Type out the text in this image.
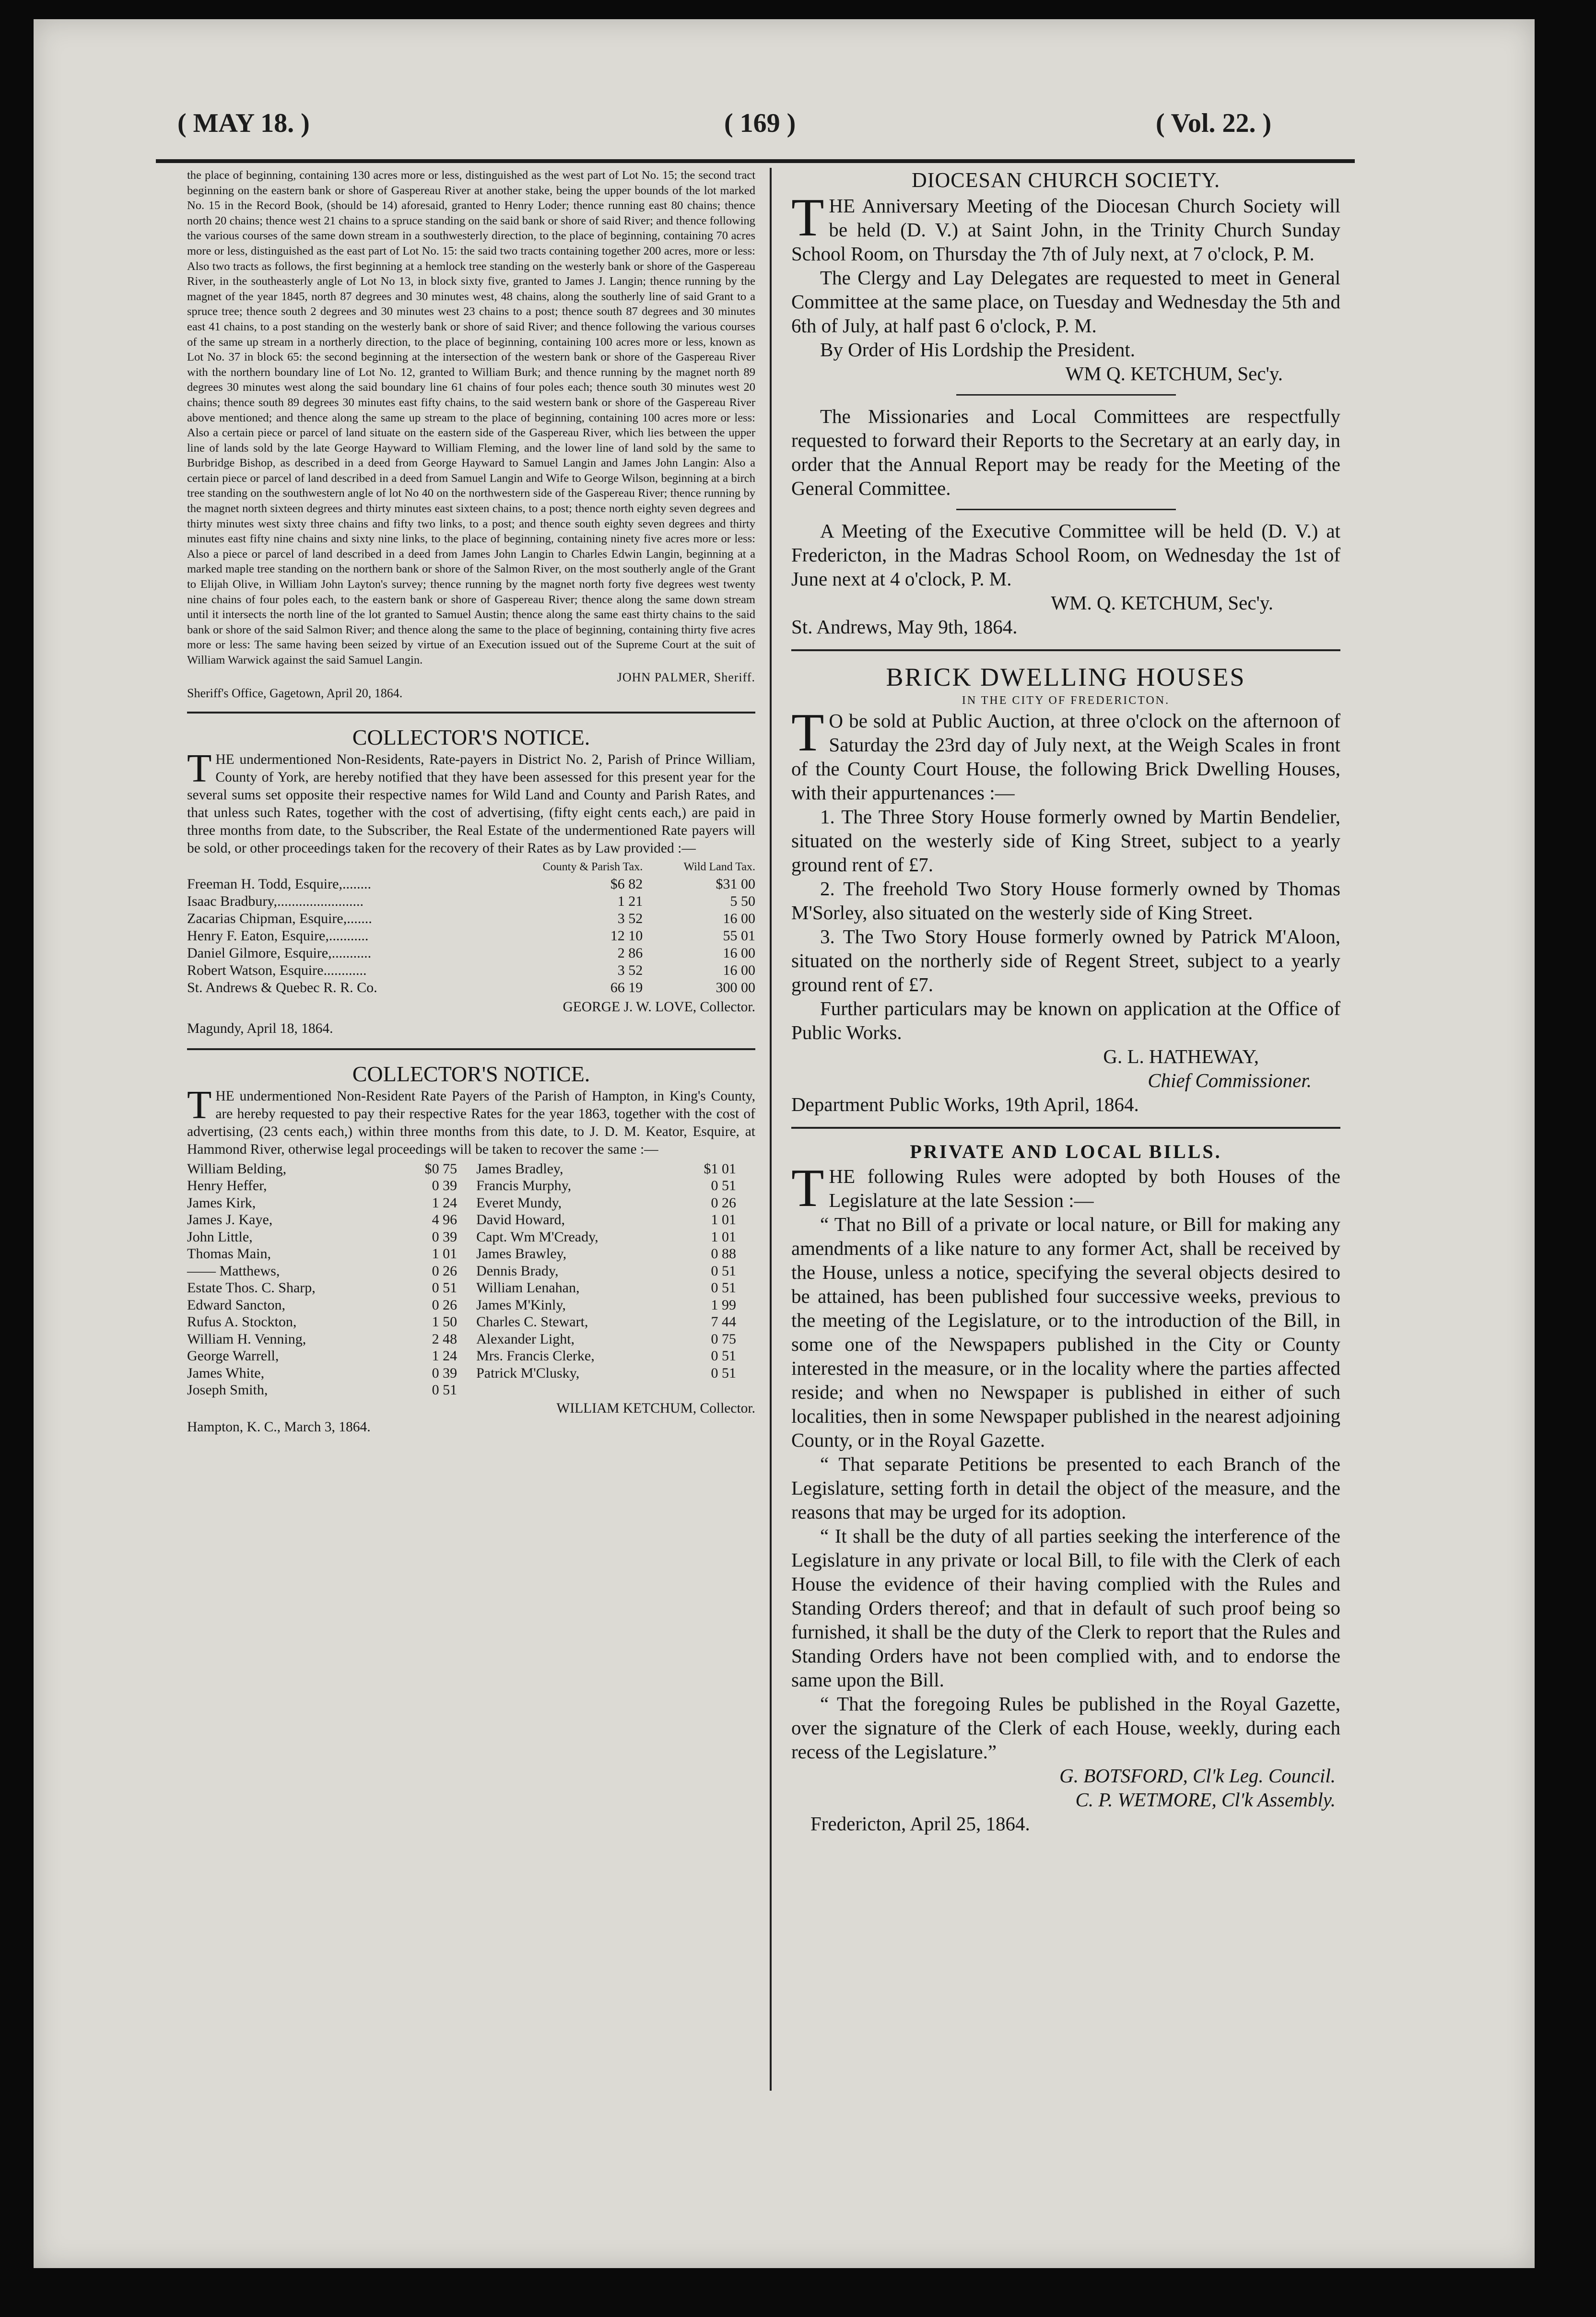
( MAY 18. )	( 169 )	( Vol. 22. )

the place of beginning, containing 130 acres more or less, distinguished as the west part of Lot No. 15; the second tract beginning on the eastern bank or shore of Gaspereau River at another stake, being the upper bounds of the lot marked No. 15 in the Record Book, (should be 14) aforesaid, granted to Henry Loder; thence running east 80 chains; thence north 20 chains; thence west 21 chains to a spruce standing on the said bank or shore of said River; and thence following the various courses of the same down stream in a southwesterly direction, to the place of beginning, containing 70 acres more or less, distinguished as the east part of Lot No. 15: the said two tracts containing together 200 acres, more or less: Also two tracts as follows, the first beginning at a hemlock tree standing on the westerly bank or shore of the Gaspereau River, in the southeasterly angle of Lot No 13, in block sixty five, granted to James J. Langin; thence running by the magnet of the year 1845, north 87 degrees and 30 minutes west, 48 chains, along the southerly line of said Grant to a spruce tree; thence south 2 degrees and 30 minutes west 23 chains to a post; thence south 87 degrees and 30 minutes east 41 chains, to a post standing on the westerly bank or shore of said River; and thence following the various courses of the same up stream in a northerly direction, to the place of beginning, containing 100 acres more or less, known as Lot No. 37 in block 65: the second beginning at the intersection of the western bank or shore of the Gaspereau River with the northern boundary line of Lot No. 12, granted to William Burk; and thence running by the magnet north 89 degrees 30 minutes west along the said boundary line 61 chains of four poles each; thence south 30 minutes west 20 chains; thence south 89 degrees 30 minutes east fifty chains, to the said western bank or shore of the Gaspereau River above mentioned; and thence along the same up stream to the place of beginning, containing 100 acres more or less: Also a certain piece or parcel of land situate on the eastern side of the Gaspereau River, which lies between the upper line of lands sold by the late George Hayward to William Fleming, and the lower line of land sold by the same to Burbridge Bishop, as described in a deed from George Hayward to Samuel Langin and James John Langin: Also a certain piece or parcel of land described in a deed from Samuel Langin and Wife to George Wilson, beginning at a birch tree standing on the southwestern angle of lot No 40 on the northwestern side of the Gaspereau River; thence running by the magnet north sixteen degrees and thirty minutes east sixteen chains, to a post; thence north eighty seven degrees and thirty minutes west sixty three chains and fifty two links, to a post; and thence south eighty seven degrees and thirty minutes east fifty nine chains and sixty nine links, to the place of beginning, containing ninety five acres more or less: Also a piece or parcel of land described in a deed from James John Langin to Charles Edwin Langin, beginning at a marked maple tree standing on the northern bank or shore of the Salmon River, on the most southerly angle of the Grant to Elijah Olive, in William John Layton's survey; thence running by the magnet north forty five degrees west twenty nine chains of four poles each, to the eastern bank or shore of Gaspereau River; thence along the same down stream until it intersects the north line of the lot granted to Samuel Austin; thence along the same east thirty chains to the said bank or shore of the said Salmon River; and thence along the same to the place of beginning, containing thirty five acres more or less: The same having been seized by virtue of an Execution issued out of the Supreme Court at the suit of William Warwick against the said Samuel Langin.

JOHN PALMER, Sheriff.
Sheriff's Office, Gagetown, April 20, 1864.

COLLECTOR'S NOTICE.

T HE undermentioned Non-Residents, Rate-payers in District No. 2, Parish of Prince William, County of York, are hereby notified that they have been assessed for this present year for the several sums set opposite their respective names for Wild Land and County and Parish Rates, and that unless such Rates, together with the cost of advertising, (fifty eight cents each,) are paid in three months from date, to the Subscriber, the Real Estate of the undermentioned Rate payers will be sold, or other proceedings taken for the recovery of their Rates as by Law provided :—

	County & Parish Tax.	Wild Land Tax.
Freeman H. Todd, Esquire,........	$6 82	$31 00
Isaac Bradbury,........................	1 21	5 50
Zacarias Chipman, Esquire,.......	3 52	16 00
Henry F. Eaton, Esquire,...........	12 10	55 01
Daniel Gilmore, Esquire,...........	2 86	16 00
Robert Watson, Esquire............	3 52	16 00
St. Andrews & Quebec R. R. Co.	66 19	300 00

GEORGE J. W. LOVE, Collector.

Magundy, April 18, 1864.

COLLECTOR'S NOTICE.

T HE undermentioned Non-Resident Rate Payers of the Parish of Hampton, in King's County, are hereby requested to pay their respective Rates for the year 1863, together with the cost of advertising, (23 cents each,) within three months from this date, to J. D. M. Keator, Esquire, at Hammond River, otherwise legal proceedings will be taken to recover the same :—

William Belding,	$0 75	James Bradley,	$1 01
Henry Heffer,	0 39	Francis Murphy,	0 51
James Kirk,	1 24	Everet Mundy,	0 26
James J. Kaye,	4 96	David Howard,	1 01
John Little,	0 39	Capt. Wm M'Cready,	1 01
Thomas Main,	1 01	James Brawley,	0 88
—— Matthews,	0 26	Dennis Brady,	0 51
Estate Thos. C. Sharp,	0 51	William Lenahan,	0 51
Edward Sancton,	0 26	James M'Kinly,	1 99
Rufus A. Stockton,	1 50	Charles C. Stewart,	7 44
William H. Venning,	2 48	Alexander Light,	0 75
George Warrell,	1 24	Mrs. Francis Clerke,	0 51
James White,	0 39	Patrick M'Clusky,	0 51
Joseph Smith,	0 51		

WILLIAM KETCHUM, Collector.

Hampton, K. C., March 3, 1864.

DIOCESAN CHURCH SOCIETY.

T HE Anniversary Meeting of the Diocesan Church Society will be held (D. V.) at Saint John, in the Trinity Church Sunday School Room, on Thursday the 7th of July next, at 7 o'clock, P. M.

The Clergy and Lay Delegates are requested to meet in General Committee at the same place, on Tuesday and Wednesday the 5th and 6th of July, at half past 6 o'clock, P. M.

By Order of His Lordship the President.

WM Q. KETCHUM, Sec'y.

The Missionaries and Local Committees are respectfully requested to forward their Reports to the Secretary at an early day, in order that the Annual Report may be ready for the Meeting of the General Committee.

A Meeting of the Executive Committee will be held (D. V.) at Fredericton, in the Madras School Room, on Wednesday the 1st of June next at 4 o'clock, P. M.

WM. Q. KETCHUM, Sec'y.

St. Andrews, May 9th, 1864.

BRICK DWELLING HOUSES

IN THE CITY OF FREDERICTON.

T O be sold at Public Auction, at three o'clock on the afternoon of Saturday the 23rd day of July next, at the Weigh Scales in front of the County Court House, the following Brick Dwelling Houses, with their appurtenances :—

1. The Three Story House formerly owned by Martin Bendelier, situated on the westerly side of King Street, subject to a yearly ground rent of £7.

2. The freehold Two Story House formerly owned by Thomas M'Sorley, also situated on the westerly side of King Street.

3. The Two Story House formerly owned by Patrick M'Aloon, situated on the northerly side of Regent Street, subject to a yearly ground rent of £7.

Further particulars may be known on application at the Office of Public Works.

G. L. HATHEWAY,

Chief Commissioner.

Department Public Works, 19th April, 1864.

PRIVATE AND LOCAL BILLS.

T HE following Rules were adopted by both Houses of the Legislature at the late Session :—

“ That no Bill of a private or local nature, or Bill for making any amendments of a like nature to any former Act, shall be received by the House, unless a notice, specifying the several objects desired to be attained, has been published four successive weeks, previous to the meeting of the Legislature, or to the introduction of the Bill, in some one of the Newspapers published in the City or County interested in the measure, or in the locality where the parties affected reside; and when no Newspaper is published in either of such localities, then in some Newspaper published in the nearest adjoining County, or in the Royal Gazette.

“ That separate Petitions be presented to each Branch of the Legislature, setting forth in detail the object of the measure, and the reasons that may be urged for its adoption.

“ It shall be the duty of all parties seeking the interference of the Legislature in any private or local Bill, to file with the Clerk of each House the evidence of their having complied with the Rules and Standing Orders thereof; and that in default of such proof being so furnished, it shall be the duty of the Clerk to report that the Rules and Standing Orders have not been complied with, and to endorse the same upon the Bill.

“ That the foregoing Rules be published in the Royal Gazette, over the signature of the Clerk of each House, weekly, during each recess of the Legislature.”

G. BOTSFORD, Cl'k Leg. Council.

C. P. WETMORE, Cl'k Assembly.

Fredericton, April 25, 1864.
